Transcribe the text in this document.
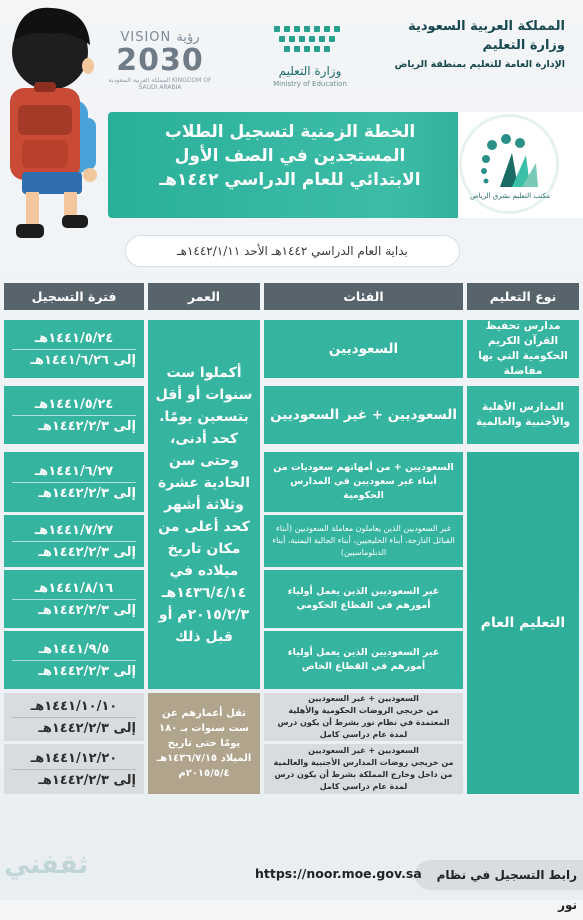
VISION رؤية
2030
المملكة العربية السعودية KINGDOM OF SAUDI ARABIA
وزارة التعليم
Ministry of Education
المملكة العربية السعودية
وزارة التعليم
الإدارة العامة للتعليم بمنطقة الرياض
الخطة الزمنية لتسجيل الطلاب
المستجدين في الصف الأول
الابتدائي للعام الدراسي ١٤٤٢هـ
مكتب التعليم بشرق الرياض
بداية العام الدراسي ١٤٤٢هـ الأحد ١٤٤٢/١/١١هـ
نوع التعليم
الفئات
العمر
فترة التسجيل
مدارس تحفيظ القرآن الكريم الحكومية التي بها مفاضلة
المدارس الأهلية والأجنبية والعالمية
التعليم العام
السعوديين
السعوديين + غير السعوديين
السعوديين + من أمهاتهم سعوديات من أبناء غير سعوديين في المدارس الحكومية
غير السعوديين الذين يعاملون معاملة السعوديين (أبناء القبائل النازحة، أبناء الخليجيين، أبناء الجالية اليمنية، أبناء الدبلوماسيين)
غير السعوديين الذين يعمل أولياء أمورهم في القطاع الحكومي
غير السعوديين الذين يعمل أولياء أمورهم في القطاع الخاص
السعوديين + غير السعوديين
من خريجي الروضات الحكومية والأهلية المعتمدة في نظام نور بشرط أن يكون درس لمدة عام دراسي كامل
السعوديين + غير السعوديين
من خريجي روضات المدارس الأجنبية والعالمية من داخل وخارج المملكة بشرط أن يكون درس لمدة عام دراسي كامل
أكملوا ست سنوات أو أقل بتسعين يومًا. كحد أدنى، وحتى سن الحادية عشرة وثلاثة أشهر كحد أعلى من مكان تاريخ ميلاده في ١٤٣٦/٤/١٤هـ ٢٠١٥/٢/٣م أو قبل ذلك
تقل أعمارهم عن ست سنوات بـ ١٨٠ يومًا حتى تاريخ الميلاد ١٤٣٦/٧/١٥هـ ٢٠١٥/٥/٤م
١٤٤١/٥/٢٤هـ
إلى ١٤٤١/٦/٢٦هـ
١٤٤١/٥/٢٤هـ
إلى ١٤٤٢/٢/٣هـ
١٤٤١/٦/٢٧هـ
إلى ١٤٤٢/٢/٣هـ
١٤٤١/٧/٢٧هـ
إلى ١٤٤٢/٢/٣هـ
١٤٤١/٨/١٦هـ
إلى ١٤٤٢/٢/٣هـ
١٤٤١/٩/٥هـ
إلى ١٤٤٢/٢/٣هـ
١٤٤١/١٠/١٠هـ
إلى ١٤٤٢/٢/٣هـ
١٤٤١/١٢/٢٠هـ
إلى ١٤٤٢/٢/٣هـ
رابط التسجيل في نظام نور
https://noor.moe.gov.sa
ثقفني
